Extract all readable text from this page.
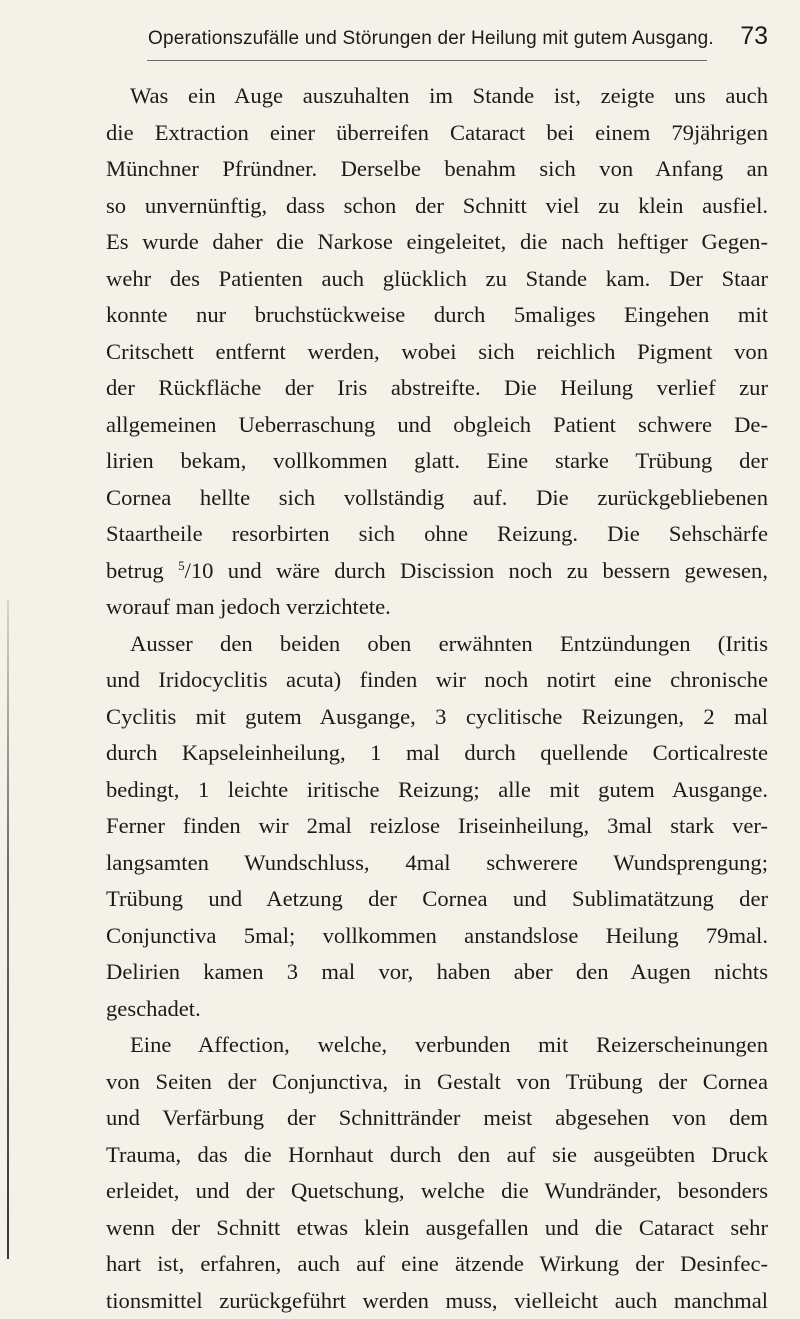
Operationszufälle und Störungen der Heilung mit gutem Ausgang. 73
Was ein Auge auszuhalten im Stande ist, zeigte uns auch
die Extraction einer überreifen Cataract bei einem 79jährigen
Münchner Pfründner. Derselbe benahm sich von Anfang an
so unvernünftig, dass schon der Schnitt viel zu klein ausfiel.
Es wurde daher die Narkose eingeleitet, die nach heftiger Gegen-
wehr des Patienten auch glücklich zu Stande kam. Der Staar
konnte nur bruchstückweise durch 5maliges Eingehen mit
Critschett entfernt werden, wobei sich reichlich Pigment von
der Rückfläche der Iris abstreifte. Die Heilung verlief zur
allgemeinen Ueberraschung und obgleich Patient schwere De-
lirien bekam, vollkommen glatt. Eine starke Trübung der
Cornea hellte sich vollständig auf. Die zurückgebliebenen
Staartheile resorbirten sich ohne Reizung. Die Sehschärfe
betrug $^5$/10 und wäre durch Discission noch zu bessern gewesen,
worauf man jedoch verzichtete.
Ausser den beiden oben erwähnten Entzündungen (Iritis
und Iridocyclitis acuta) finden wir noch notirt eine chronische
Cyclitis mit gutem Ausgange, 3 cyclitische Reizungen, 2 mal
durch Kapseleinheilung, 1 mal durch quellende Corticalreste
bedingt, 1 leichte iritische Reizung; alle mit gutem Ausgange.
Ferner finden wir 2mal reizlose Iriseinheilung, 3mal stark ver-
langsamten Wundschluss, 4mal schwerere Wundsprengung;
Trübung und Aetzung der Cornea und Sublimatätzung der
Conjunctiva 5mal; vollkommen anstandslose Heilung 79mal.
Delirien kamen 3 mal vor, haben aber den Augen nichts
geschadet.
Eine Affection, welche, verbunden mit Reizerscheinungen
von Seiten der Conjunctiva, in Gestalt von Trübung der Cornea
und Verfärbung der Schnittränder meist abgesehen von dem
Trauma, das die Hornhaut durch den auf sie ausgeübten Druck
erleidet, und der Quetschung, welche die Wundränder, besonders
wenn der Schnitt etwas klein ausgefallen und die Cataract sehr
hart ist, erfahren, auch auf eine ätzende Wirkung der Desinfec-
tionsmittel zurückgeführt werden muss, vielleicht auch manchmal
